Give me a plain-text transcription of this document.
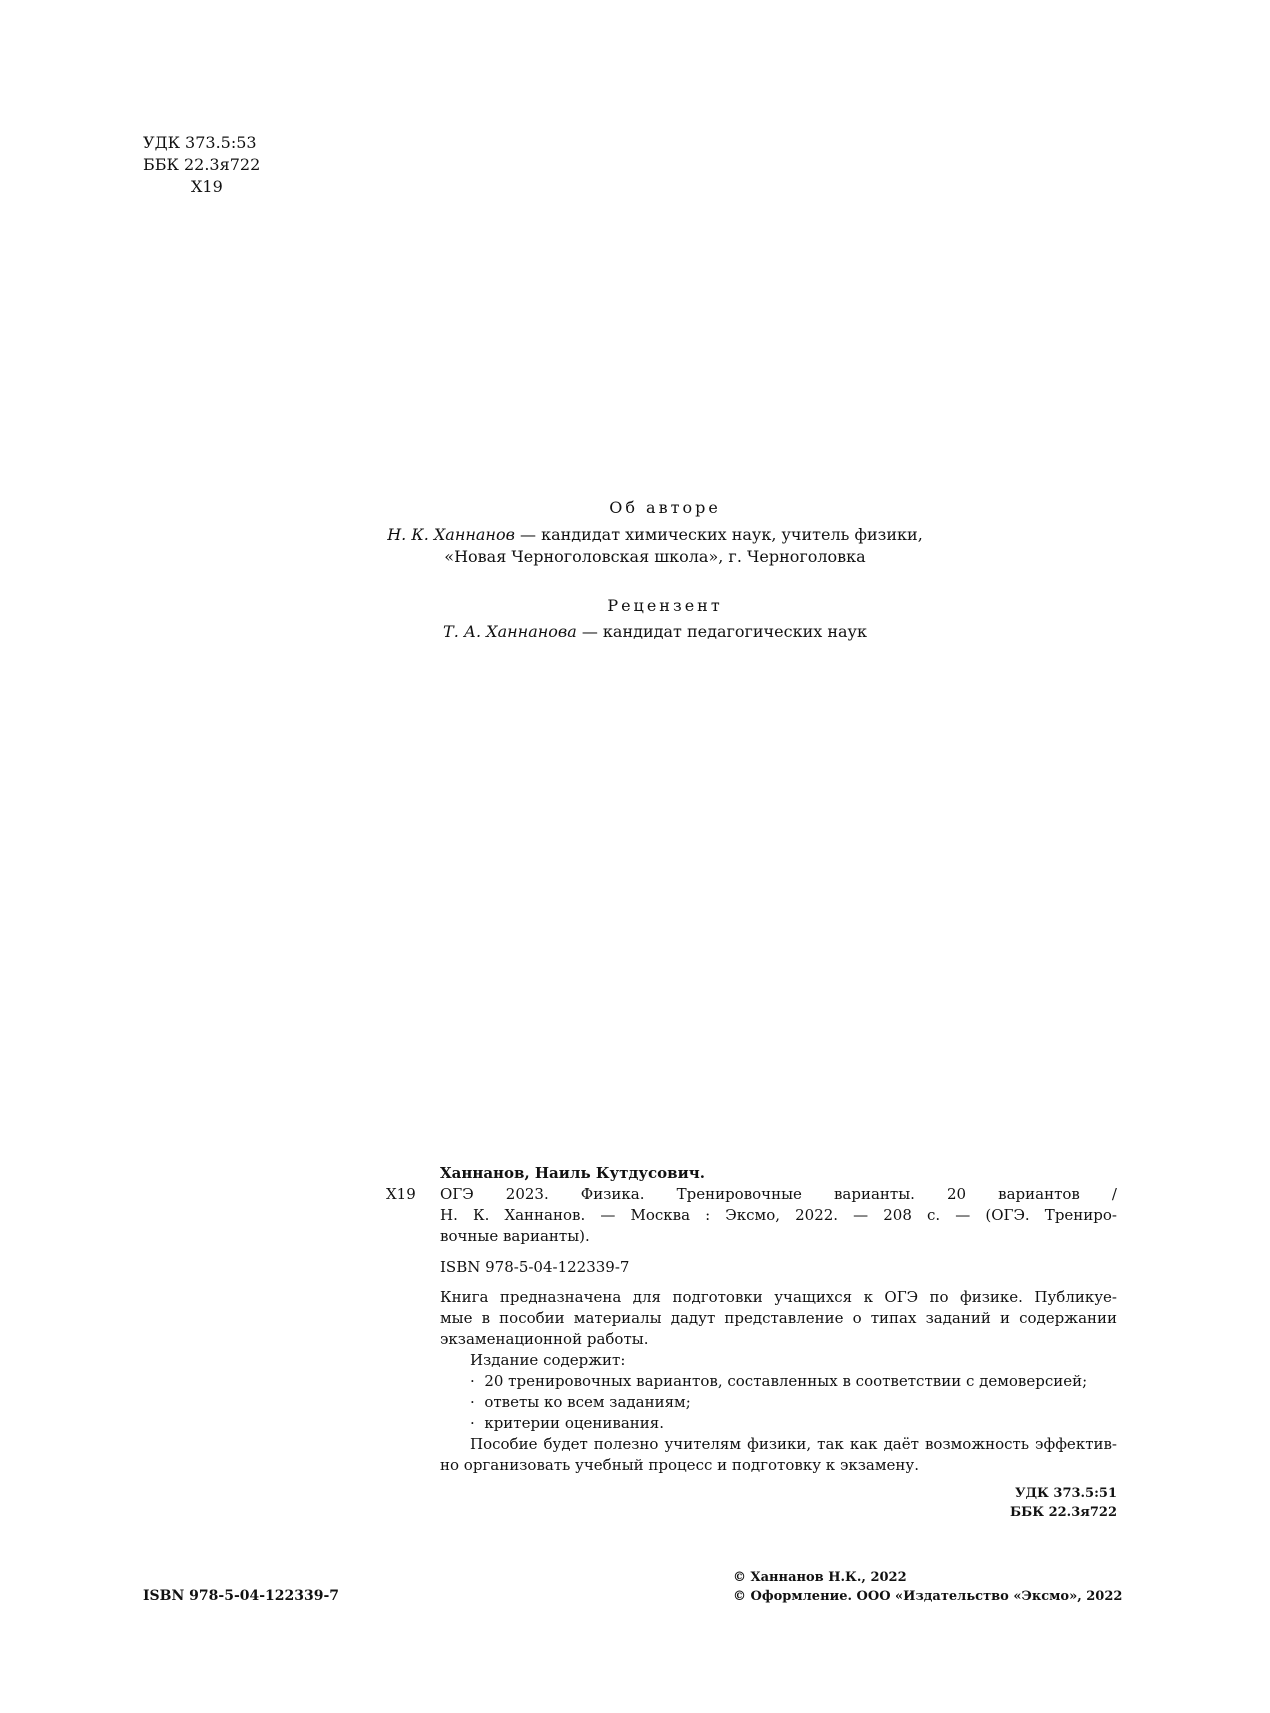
УДК 373.5:53
ББК 22.3я722
Х19
Об авторе
Н. К. Ханнанов — кандидат химических наук, учитель физики,
«Новая Черноголовская школа», г. Черноголовка
Рецензент
Т. А. Ханнанова — кандидат педагогических наук
Ханнанов, Наиль Кутдусович.
Х19	ОГЭ 2023. Физика. Тренировочные варианты. 20 вариантов /
Н. К. Ханнанов. — Москва : Эксмо, 2022. — 208 с. — (ОГЭ. Трениро-
вочные варианты).
ISBN 978-5-04-122339-7
Книга предназначена для подготовки учащихся к ОГЭ по физике. Публикуе-
мые в пособии материалы дадут представление о типах заданий и содержании
экзаменационной работы.
Издание содержит:
·  20 тренировочных вариантов, составленных в соответствии с демоверсией;
·  ответы ко всем заданиям;
·  критерии оценивания.
Пособие будет полезно учителям физики, так как даёт возможность эффектив-
но организовать учебный процесс и подготовку к экзамену.
УДК 373.5:51
ББК 22.3я722
ISBN 978-5-04-122339-7
© Ханнанов Н.К., 2022
© Оформление. ООО «Издательство «Эксмо», 2022
